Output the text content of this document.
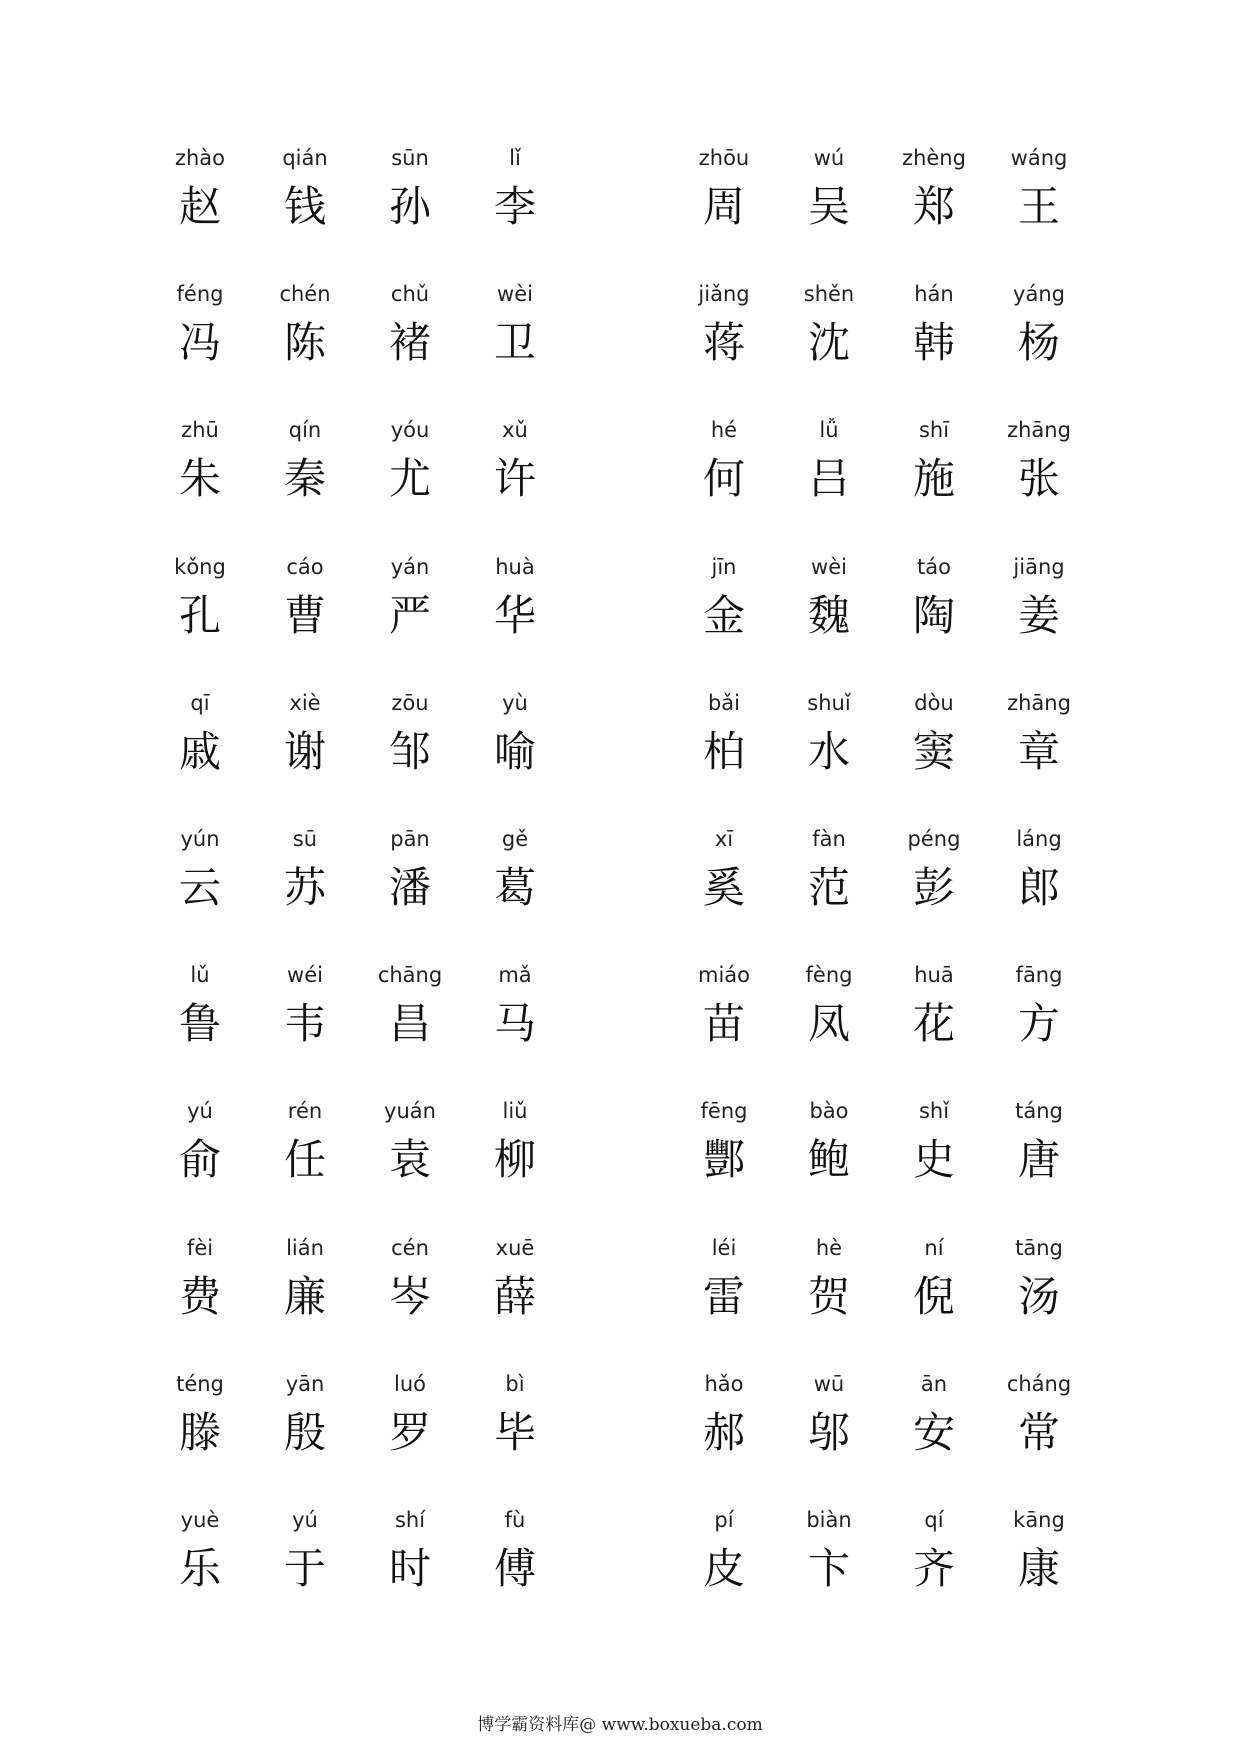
zhào
赵
qián
钱
sūn
孙
lǐ
李
zhōu
周
wú
吴
zhèng
郑
wáng
王
féng
冯
chén
陈
chǔ
褚
wèi
卫
jiǎng
蒋
shěn
沈
hán
韩
yáng
杨
zhū
朱
qín
秦
yóu
尤
xǔ
许
hé
何
lǚ
吕
shī
施
zhāng
张
kǒng
孔
cáo
曹
yán
严
huà
华
jīn
金
wèi
魏
táo
陶
jiāng
姜
qī
戚
xiè
谢
zōu
邹
yù
喻
bǎi
柏
shuǐ
水
dòu
窦
zhāng
章
yún
云
sū
苏
pān
潘
gě
葛
xī
奚
fàn
范
péng
彭
láng
郎
lǔ
鲁
wéi
韦
chāng
昌
mǎ
马
miáo
苗
fèng
凤
huā
花
fāng
方
yú
俞
rén
任
yuán
袁
liǔ
柳
fēng
酆
bào
鲍
shǐ
史
táng
唐
fèi
费
lián
廉
cén
岑
xuē
薛
léi
雷
hè
贺
ní
倪
tāng
汤
téng
滕
yān
殷
luó
罗
bì
毕
hǎo
郝
wū
邬
ān
安
cháng
常
yuè
乐
yú
于
shí
时
fù
傅
pí
皮
biàn
卞
qí
齐
kāng
康
博学霸资料库@ www.boxueba.com
